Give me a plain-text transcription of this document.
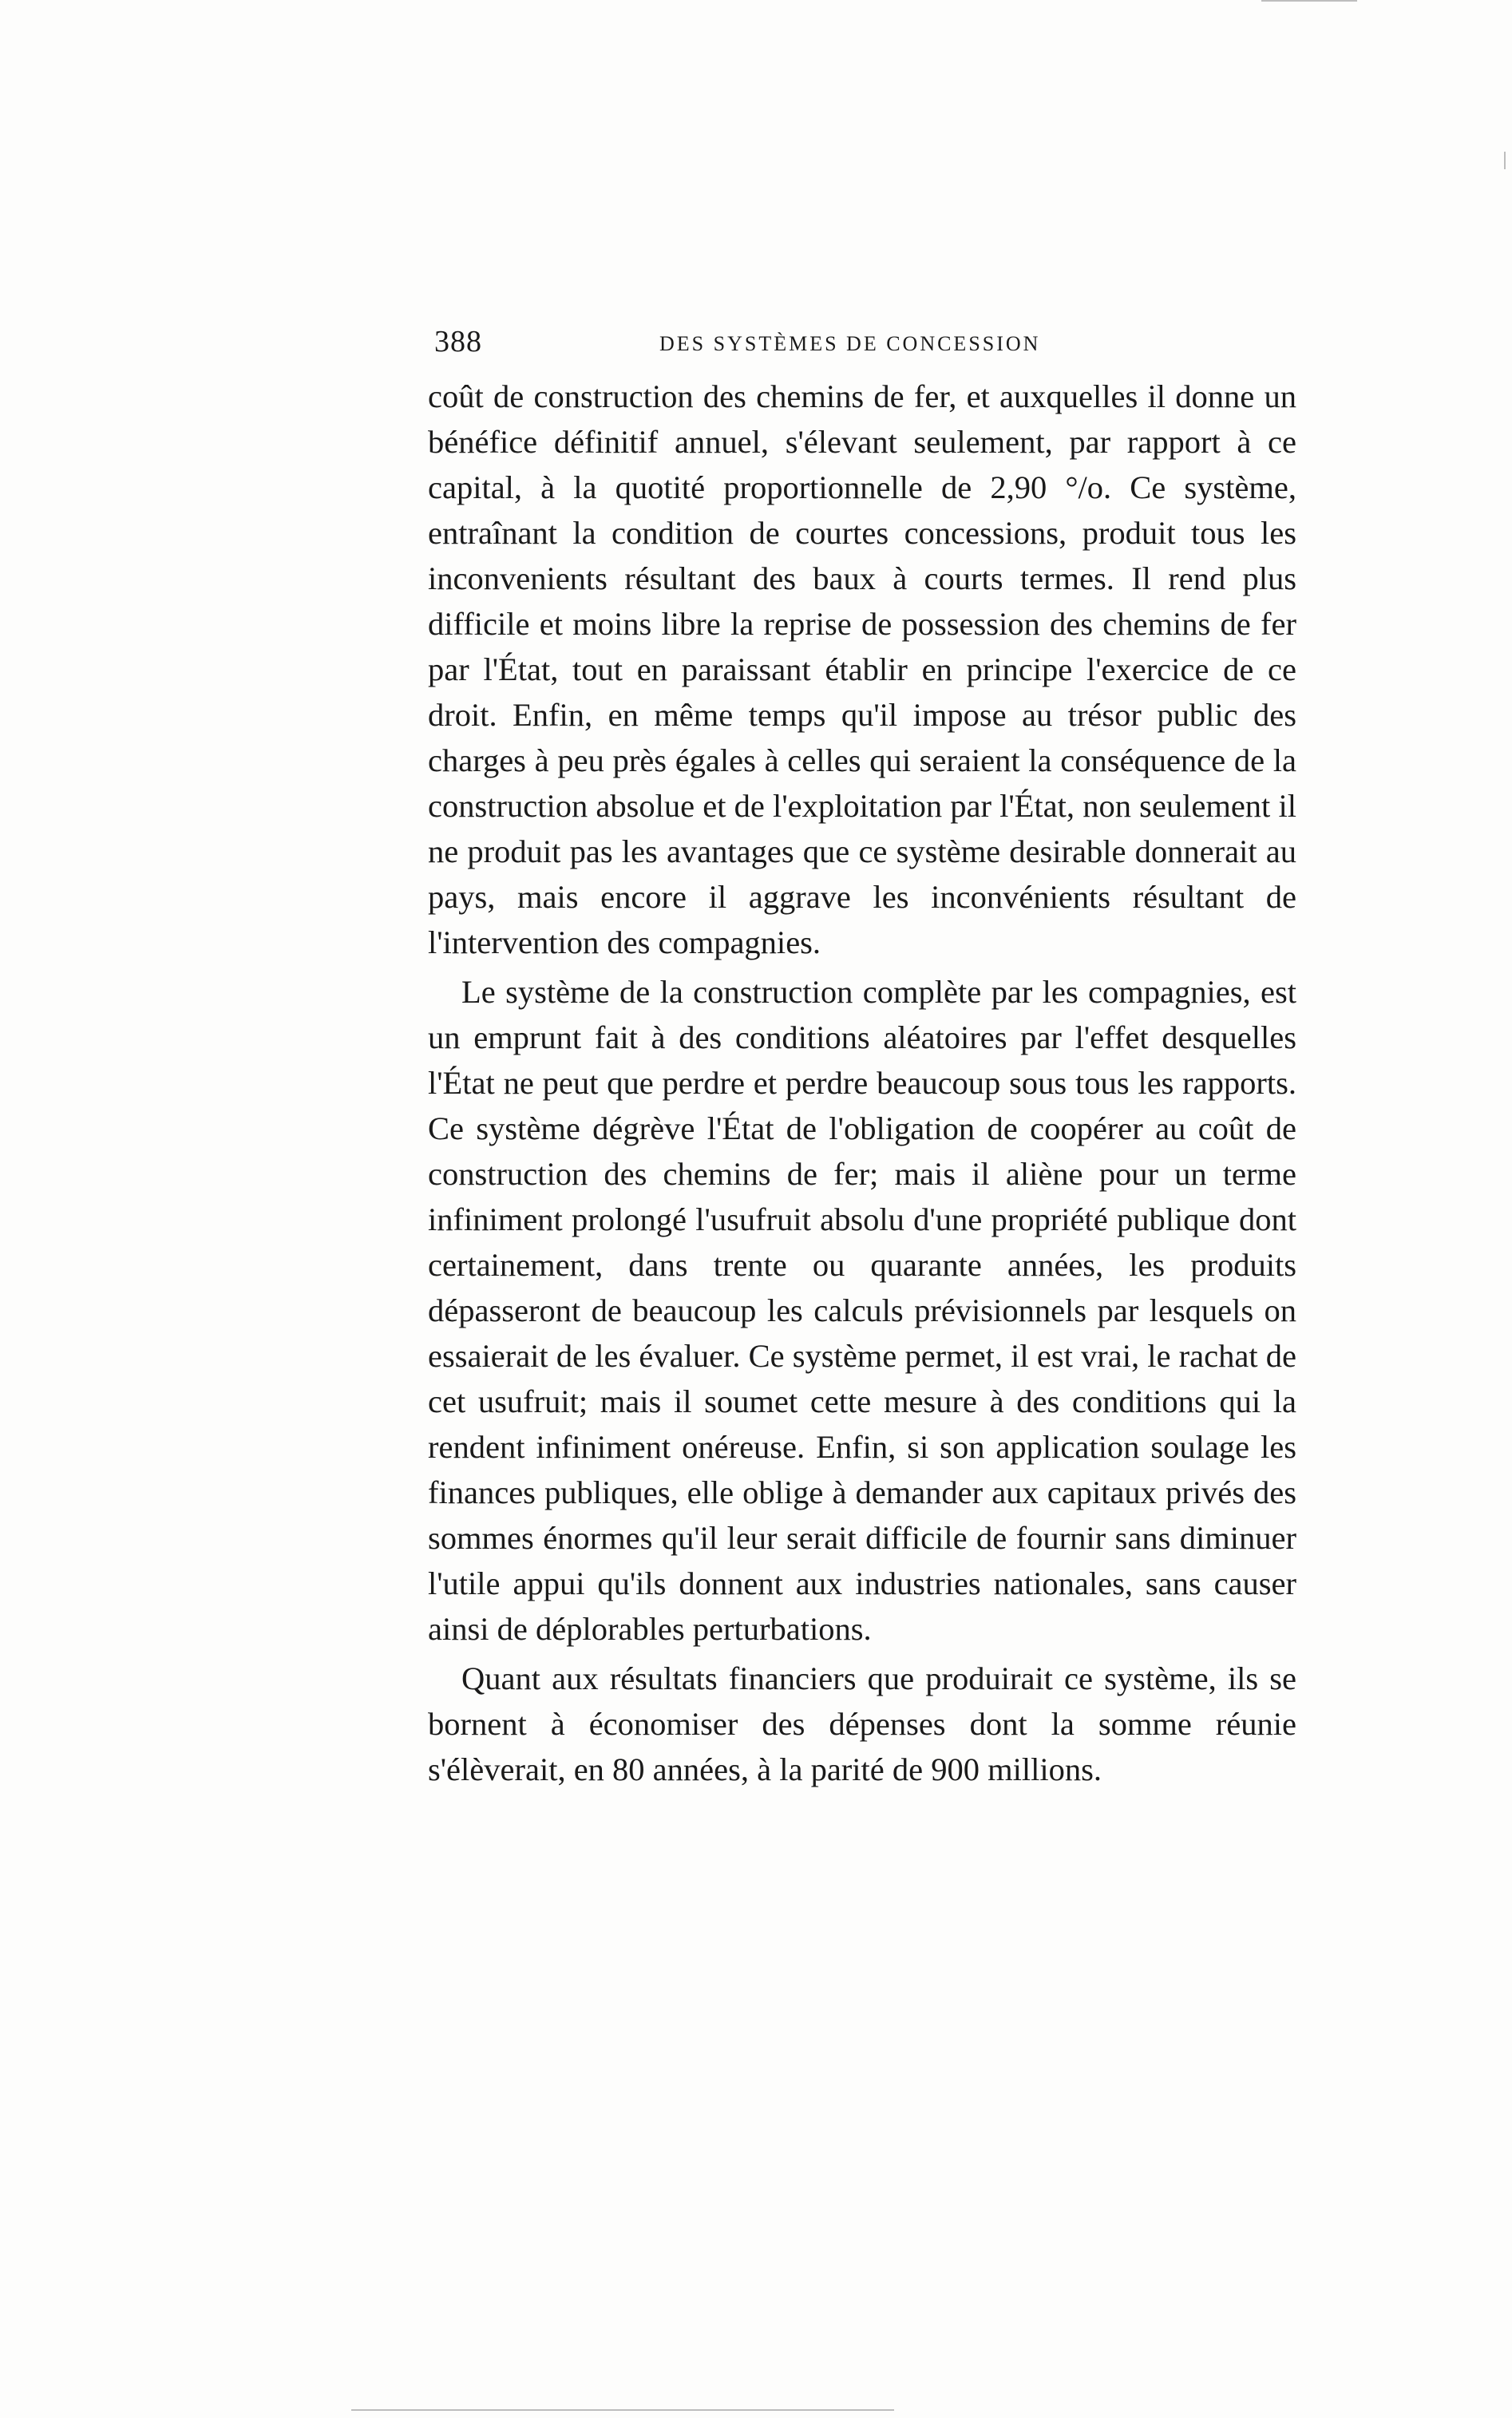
388	DES SYSTÈMES DE CONCESSION

coût de construction des chemins de fer, et auxquelles il donne un bénéfice définitif annuel, s'élevant seulement, par rapport à ce capital, à la quotité proportionnelle de 2,90 °/o. Ce système, entraînant la condition de courtes concessions, produit tous les inconvenients résultant des baux à courts termes. Il rend plus difficile et moins libre la reprise de possession des chemins de fer par l'État, tout en paraissant établir en principe l'exercice de ce droit. Enfin, en même temps qu'il impose au trésor public des charges à peu près égales à celles qui seraient la conséquence de la construction absolue et de l'exploitation par l'État, non seulement il ne produit pas les avantages que ce système desirable donnerait au pays, mais encore il aggrave les inconvénients résultant de l'intervention des compagnies.

Le système de la construction complète par les compagnies, est un emprunt fait à des conditions aléatoires par l'effet desquelles l'État ne peut que perdre et perdre beaucoup sous tous les rapports. Ce système dégrève l'État de l'obligation de coopérer au coût de construction des chemins de fer; mais il aliène pour un terme infiniment prolongé l'usufruit absolu d'une propriété publique dont certainement, dans trente ou quarante années, les produits dépasseront de beaucoup les calculs prévisionnels par lesquels on essaierait de les évaluer. Ce système permet, il est vrai, le rachat de cet usufruit; mais il soumet cette mesure à des conditions qui la rendent infiniment onéreuse. Enfin, si son application soulage les finances publiques, elle oblige à demander aux capitaux privés des sommes énormes qu'il leur serait difficile de fournir sans diminuer l'utile appui qu'ils donnent aux industries nationales, sans causer ainsi de déplorables perturbations.

Quant aux résultats financiers que produirait ce système, ils se bornent à économiser des dépenses dont la somme réunie s'élèverait, en 80 années, à la parité de 900 millions.
